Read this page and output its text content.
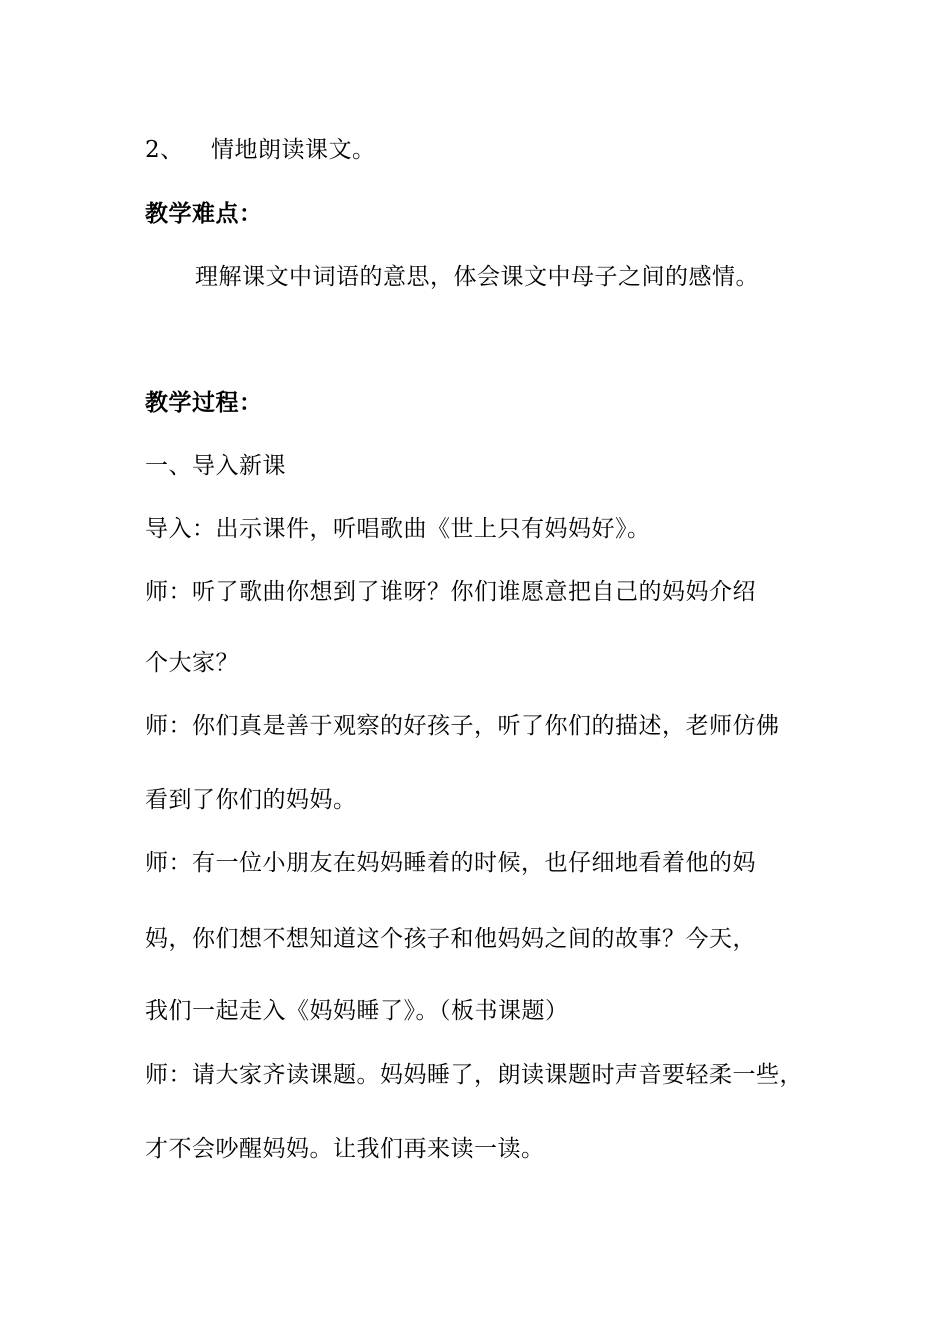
2、 情地朗读课文。
教学难点：
理解课文中词语的意思，体会课文中母子之间的感情。
教学过程：
一、导入新课
导入：出示课件，听唱歌曲《世上只有妈妈好》。
师：听了歌曲你想到了谁呀？你们谁愿意把自己的妈妈介绍
个大家？
师：你们真是善于观察的好孩子，听了你们的描述，老师仿佛
看到了你们的妈妈。
师：有一位小朋友在妈妈睡着的时候，也仔细地看着他的妈
妈，你们想不想知道这个孩子和他妈妈之间的故事？今天，
我们一起走入《妈妈睡了》。（板书课题）
师：请大家齐读课题。妈妈睡了，朗读课题时声音要轻柔一些，
才不会吵醒妈妈。让我们再来读一读。
